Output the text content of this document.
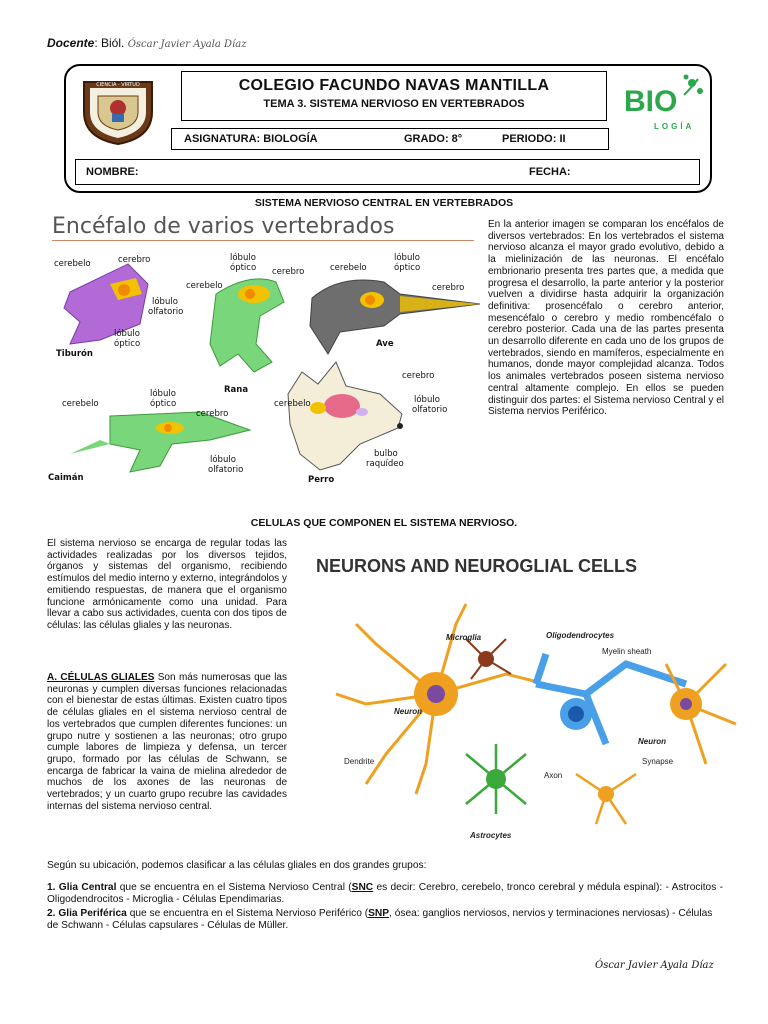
Docente: Biól. Óscar Javier Ayala Díaz
CIENCIA · VIRTUD	COLEGIO FACUNDO NAVAS MANTILLA
TEMA 3. SISTEMA NERVIOSO EN VERTEBRADOS
ASIGNATURA: BIOLOGÍA	GRADO: 8°	PERIODO: II
BIO
LOGÍA
NOMBRE:	FECHA:
SISTEMA NERVIOSO CENTRAL EN VERTEBRADOS
Encéfalo de varios vertebrados
cerebelo	cerebro
lóbulo
olfatorio
lóbulo
óptico
Tiburón
lóbulo
óptico
cerebelo
cerebro
Rana
cerebelo
lóbulo
óptico
cerebro
Ave
cerebelo
lóbulo
óptico
cerebro
lóbulo
olfatorio
Caimán
cerebelo
cerebro
lóbulo
olfatorio
bulbo
raquídeo
Perro
En la anterior imagen se comparan los encéfalos de diversos vertebrados: En los vertebrados el sistema nervioso alcanza el mayor grado evolutivo, debido a la mielinización de las neuronas. El encéfalo embrionario presenta tres partes que, a medida que progresa el desarrollo, la parte anterior y la posterior vuelven a dividirse hasta adquirir la organización definitiva: prosencéfalo o cerebro anterior, mesencéfalo o cerebro y medio rombencéfalo o cerebro posterior. Cada una de las partes presenta un desarrollo diferente en cada uno de los grupos de vertebrados, siendo en mamíferos, especialmente en humanos, donde mayor complejidad alcanza. Todos los animales vertebrados poseen sistema nervioso central altamente complejo. En ellos se pueden distinguir dos partes: el Sistema nervioso Central y el Sistema nervios Periférico.
CELULAS QUE COMPONEN EL SISTEMA NERVIOSO.
El sistema nervioso se encarga de regular todas las actividades realizadas por los diversos tejidos, órganos y sistemas del organismo, recibiendo estímulos del medio interno y externo, integrándolos y emitiendo respuestas, de manera que el organismo funcione armónicamente como una unidad. Para llevar a cabo sus actividades, cuenta con dos tipos de células: las células gliales y las neuronas.
A. CÉLULAS GLIALES Son más numerosas que las neuronas y cumplen diversas funciones relacionadas con el bienestar de estas últimas. Existen cuatro tipos de células gliales en el sistema nervioso central de los vertebrados que cumplen diferentes funciones: un grupo nutre y sostienen a las neuronas; otro grupo cumple labores de limpieza y defensa, un tercer grupo, formado por las células de Schwann, se encarga de fabricar la vaina de mielina alrededor de muchos de los axones de las neuronas de vertebrados; y un cuarto grupo recubre las cavidades internas del sistema nervioso central.
NEURONS AND NEUROGLIAL CELLS
Microglia	Oligodendrocytes
Myelin sheath
Neuron
Neuron
Dendrite
Axon
Synapse
Astrocytes
Según su ubicación, podemos clasificar a las células gliales en dos grandes grupos:
1. Glia Central que se encuentra en el Sistema Nervioso Central (SNC es decir: Cerebro, cerebelo, tronco cerebral y médula espinal): - Astrocitos - Oligodendrocitos - Microglia - Células Ependimarias.
2. Glia Periférica que se encuentra en el Sistema Nervioso Periférico (SNP, ósea: ganglios nerviosos, nervios y terminaciones nerviosas) - Células de Schwann - Células capsulares - Células de Müller.
Óscar Javier Ayala Díaz
